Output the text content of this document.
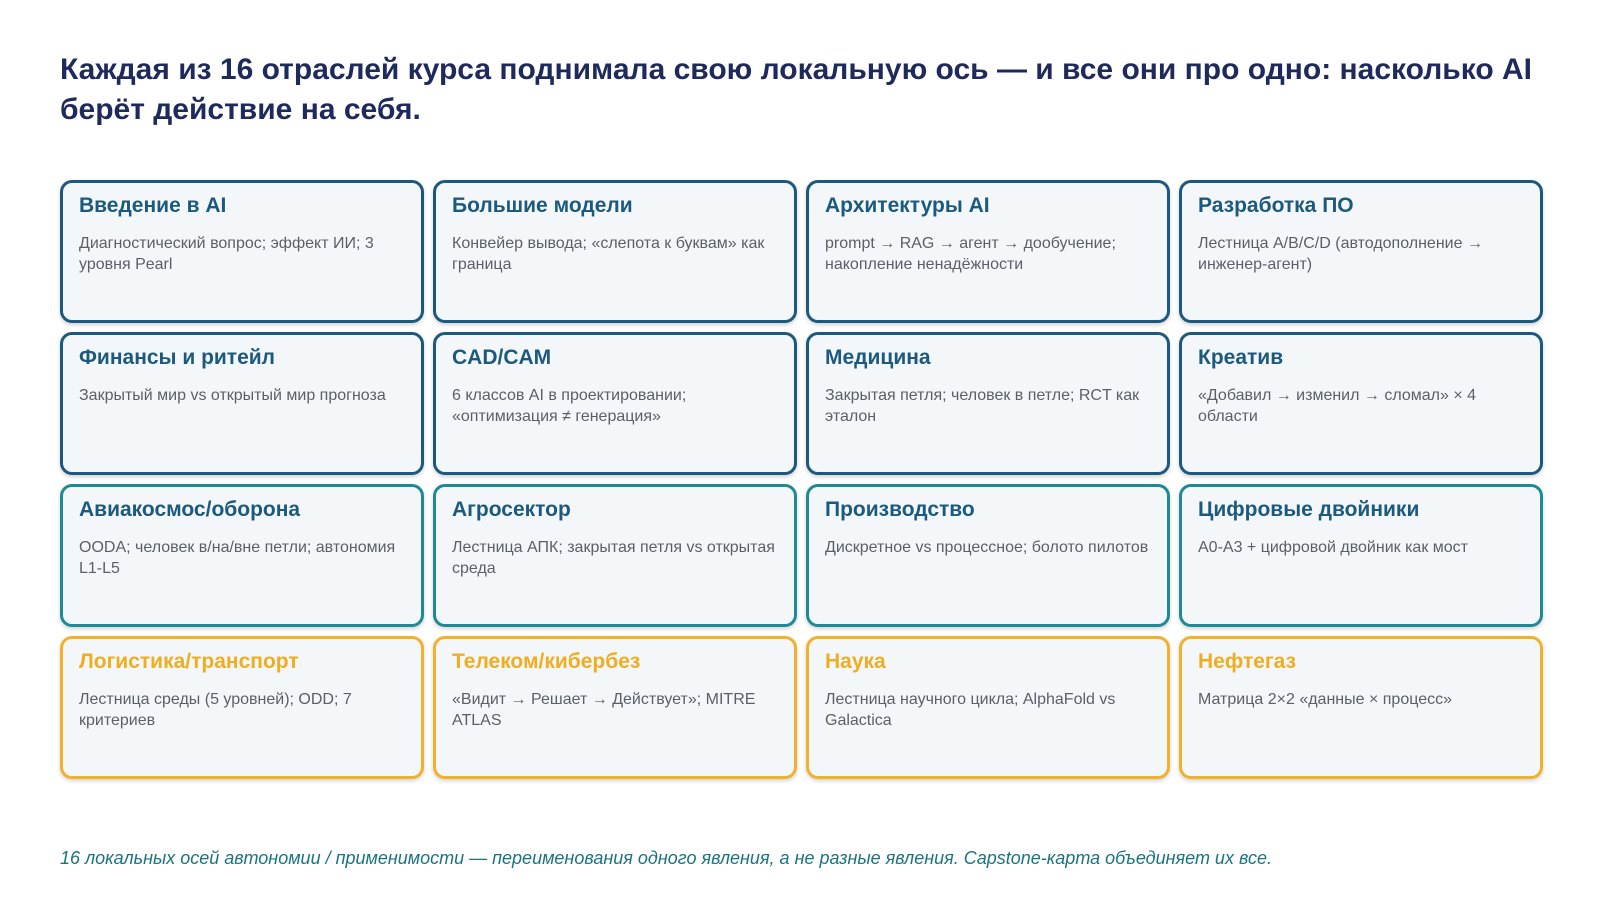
Каждая из 16 отраслей курса поднимала свою локальную ось — и все они про одно: насколько AI берёт действие на себя.
Введение в AI

Диагностический вопрос; эффект ИИ; 3 уровня Pearl

Большие модели

Конвейер вывода; «слепота к буквам» как граница

Архитектуры AI

prompt → RAG → агент → дообучение; накопление ненадёжности

Разработка ПО

Лестница A/B/C/D (автодополнение → инженер-агент)

Финансы и ритейл

Закрытый мир vs открытый мир прогноза

CAD/CAM

6 классов AI в проектировании; «оптимизация ≠ генерация»

Медицина

Закрытая петля; человек в петле; RCT как эталон

Креатив

«Добавил → изменил → сломал» × 4 области

Авиакосмос/оборона

OODA; человек в/на/вне петли; автономия L1-L5

Агросектор

Лестница АПК; закрытая петля vs открытая среда

Производство

Дискретное vs процессное; болото пилотов

Цифровые двойники

A0-A3 + цифровой двойник как мост

Логистика/транспорт

Лестница среды (5 уровней); ODD; 7 критериев

Телеком/кибербез

«Видит → Решает → Действует»; MITRE ATLAS

Наука

Лестница научного цикла; AlphaFold vs Galactica

Нефтегаз

Матрица 2×2 «данные × процесс»

16 локальных осей автономии / применимости — переименования одного явления, а не разные явления. Capstone-карта объединяет их все.
